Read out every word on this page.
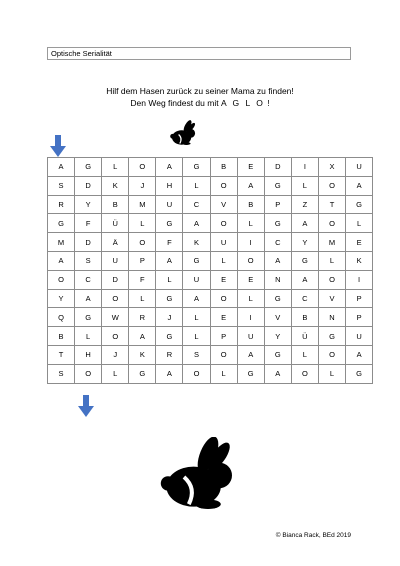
Optische Serialität
Hilf dem Hasen zurück zu seiner Mama zu finden!
Den Weg findest du mit A G L O !
A	G	L	O	A	G	B	E	D	I	X	U
S	D	K	J	H	L	O	A	G	L	O	A
R	Y	B	M	U	C	V	B	P	Z	T	G
G	F	Ü	L	G	A	O	L	G	A	O	L
M	D	Ä	O	F	K	U	I	C	Y	M	E
A	S	U	P	A	G	L	O	A	G	L	K
O	C	D	F	L	U	E	E	N	A	O	I
Y	A	O	L	G	A	O	L	G	C	V	P
Q	G	W	R	J	L	E	I	V	B	N	P
B	L	O	A	G	L	P	U	Y	Ü	G	U
T	H	J	K	R	S	O	A	G	L	O	A
S	O	L	G	A	O	L	G	A	O	L	G
© Bianca Rack, BEd 2019
